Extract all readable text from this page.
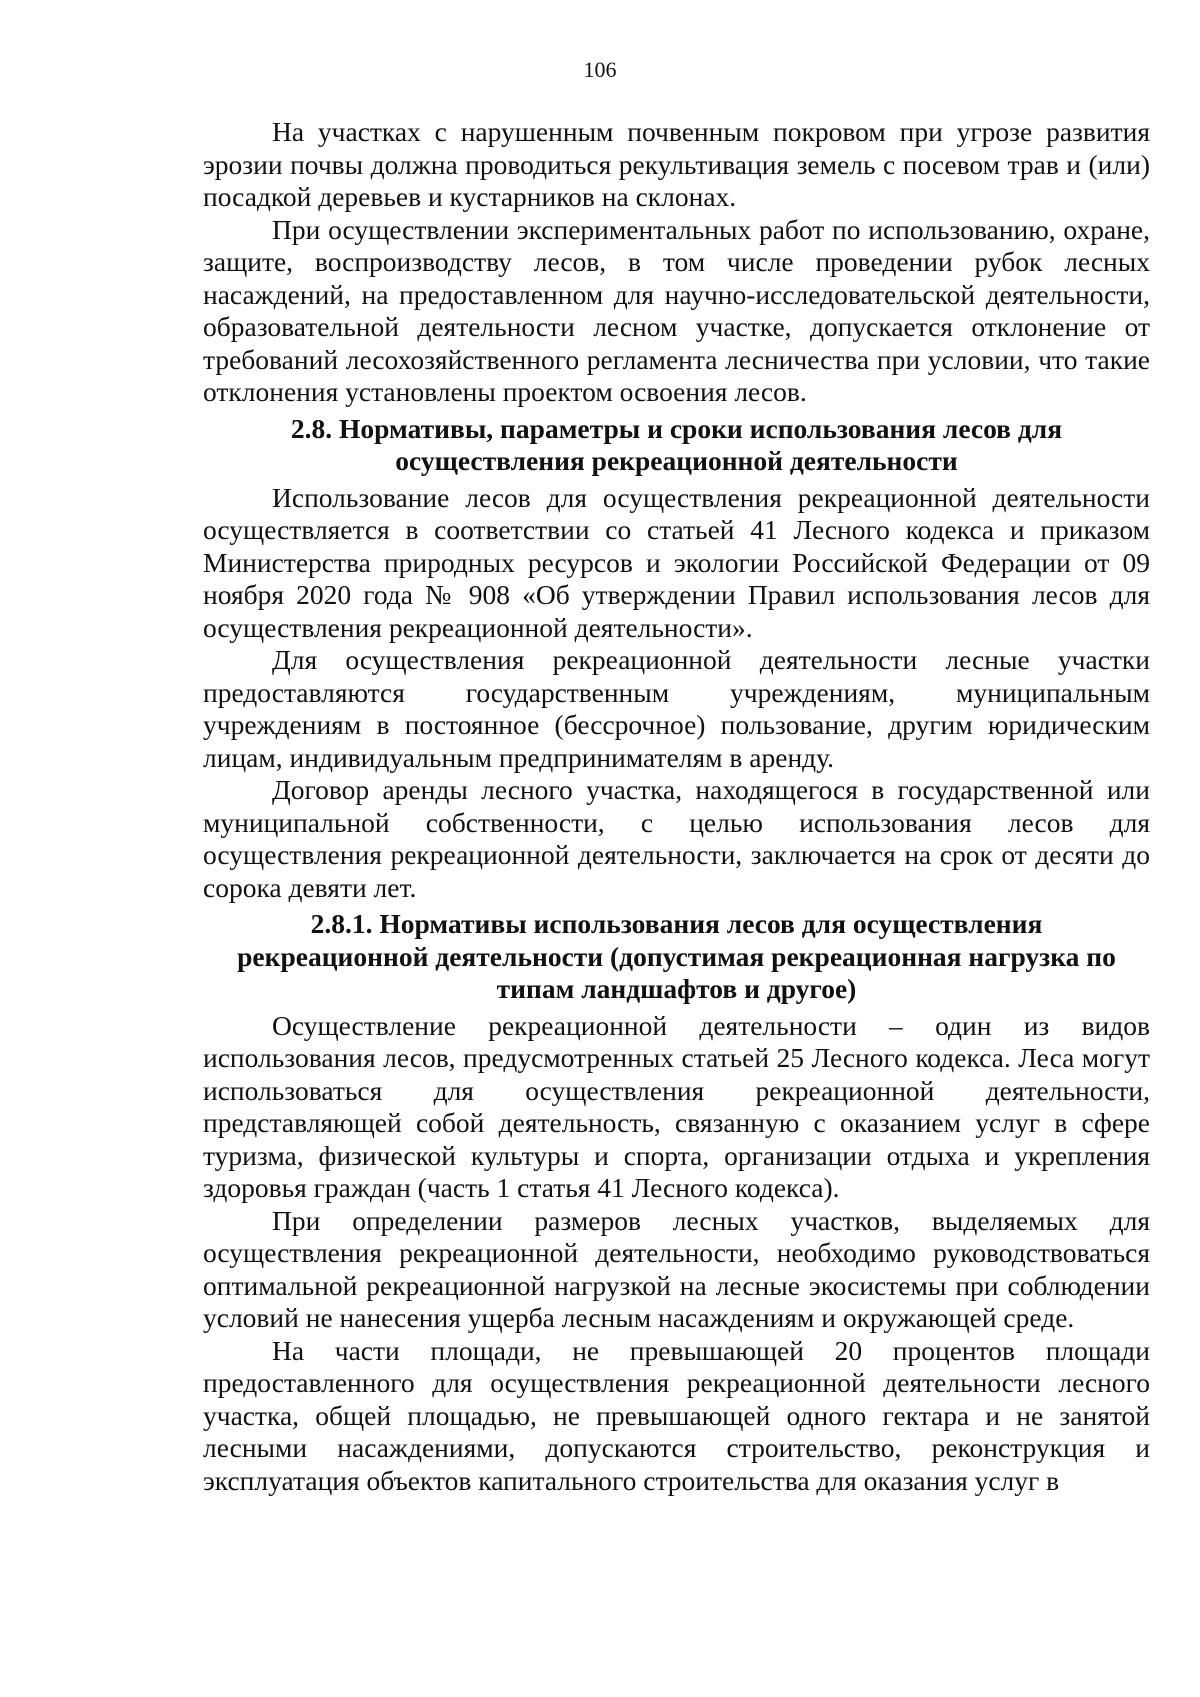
106

На участках с нарушенным почвенным покровом при угрозе развития эрозии почвы должна проводиться рекультивация земель с посевом трав и (или) посадкой деревьев и кустарников на склонах.

При осуществлении экспериментальных работ по использованию, охране, защите, воспроизводству лесов, в том числе проведении рубок лесных насаждений, на предоставленном для научно-исследовательской деятельности, образовательной деятельности лесном участке, допускается отклонение от требований лесохозяйственного регламента лесничества при условии, что такие отклонения установлены проектом освоения лесов.

2.8. Нормативы, параметры и сроки использования лесов для
осуществления рекреационной деятельности

Использование лесов для осуществления рекреационной деятельности осуществляется в соответствии со статьей 41 Лесного кодекса и приказом Министерства природных ресурсов и экологии Российской Федерации от 09 ноября 2020 года № 908 «Об утверждении Правил использования лесов для осуществления рекреационной деятельности».

Для осуществления рекреационной деятельности лесные участки предоставляются государственным учреждениям, муниципальным учреждениям в постоянное (бессрочное) пользование, другим юридическим лицам, индивидуальным предпринимателям в аренду.

Договор аренды лесного участка, находящегося в государственной или муниципальной собственности, с целью использования лесов для осуществления рекреационной деятельности, заключается на срок от десяти до сорока девяти лет.

2.8.1. Нормативы использования лесов для осуществления
рекреационной деятельности (допустимая рекреационная нагрузка по
типам ландшафтов и другое)

Осуществление рекреационной деятельности – один из видов использования лесов, предусмотренных статьей 25 Лесного кодекса. Леса могут использоваться для осуществления рекреационной деятельности, представляющей собой деятельность, связанную с оказанием услуг в сфере туризма, физической культуры и спорта, организации отдыха и укрепления здоровья граждан (часть 1 статья 41 Лесного кодекса).

При определении размеров лесных участков, выделяемых для осуществления рекреационной деятельности, необходимо руководствоваться оптимальной рекреационной нагрузкой на лесные экосистемы при соблюдении условий не нанесения ущерба лесным насаждениям и окружающей среде.

На части площади, не превышающей 20 процентов площади предоставленного для осуществления рекреационной деятельности лесного участка, общей площадью, не превышающей одного гектара и не занятой лесными насаждениями, допускаются строительство, реконструкция и эксплуатация объектов капитального строительства для оказания услуг в
